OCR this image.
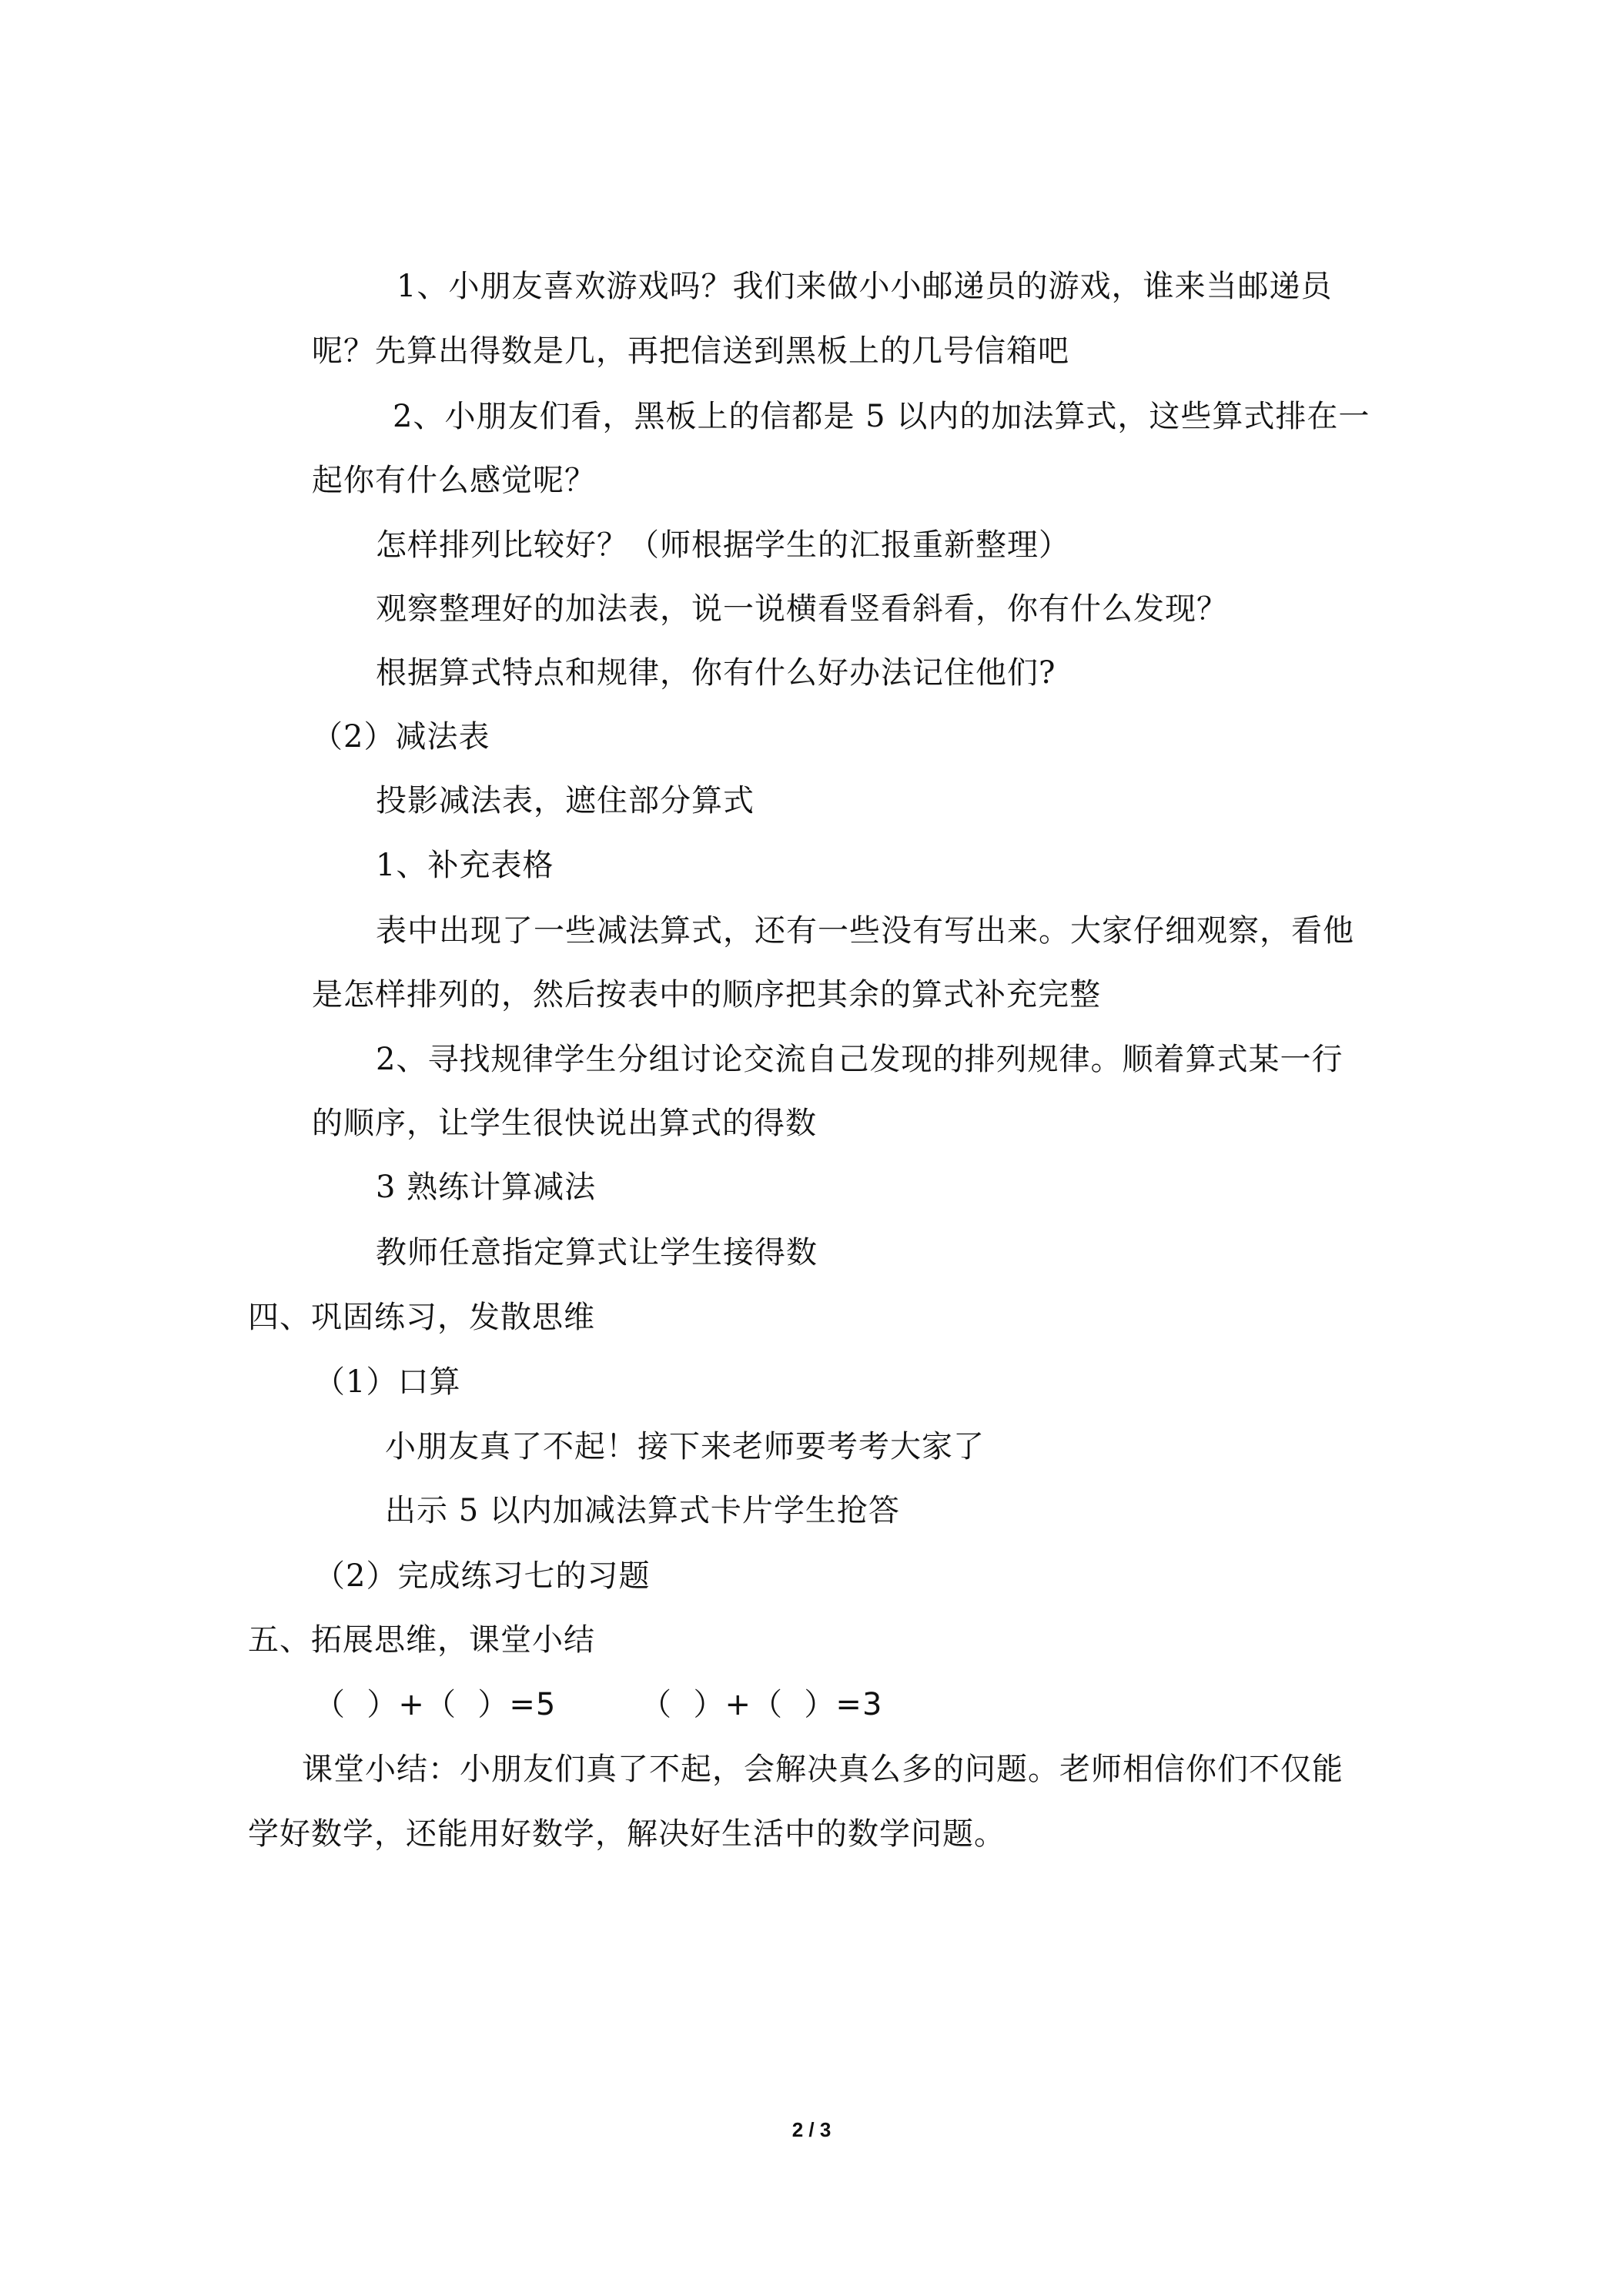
1、小朋友喜欢游戏吗？我们来做小小邮递员的游戏，谁来当邮递员
呢？先算出得数是几，再把信送到黑板上的几号信箱吧
2、小朋友们看，黑板上的信都是 5 以内的加法算式，这些算式排在一
起你有什么感觉呢？
怎样排列比较好？（师根据学生的汇报重新整理）
观察整理好的加法表，说一说横看竖看斜看，你有什么发现？
根据算式特点和规律，你有什么好办法记住他们?
（2）减法表
投影减法表，遮住部分算式
1、补充表格
表中出现了一些减法算式，还有一些没有写出来。大家仔细观察，看他
是怎样排列的，然后按表中的顺序把其余的算式补充完整
2、寻找规律学生分组讨论交流自己发现的排列规律。顺着算式某一行
的顺序，让学生很快说出算式的得数
3 熟练计算减法
教师任意指定算式让学生接得数
四、巩固练习，发散思维
（1）口算
小朋友真了不起！接下来老师要考考大家了
出示 5 以内加减法算式卡片学生抢答
（2）完成练习七的习题
五、拓展思维，课堂小结
（  ）+（  ）=5        （  ）+（  ）=3
课堂小结：小朋友们真了不起，会解决真么多的问题。老师相信你们不仅能
学好数学，还能用好数学，解决好生活中的数学问题。
2 / 3
